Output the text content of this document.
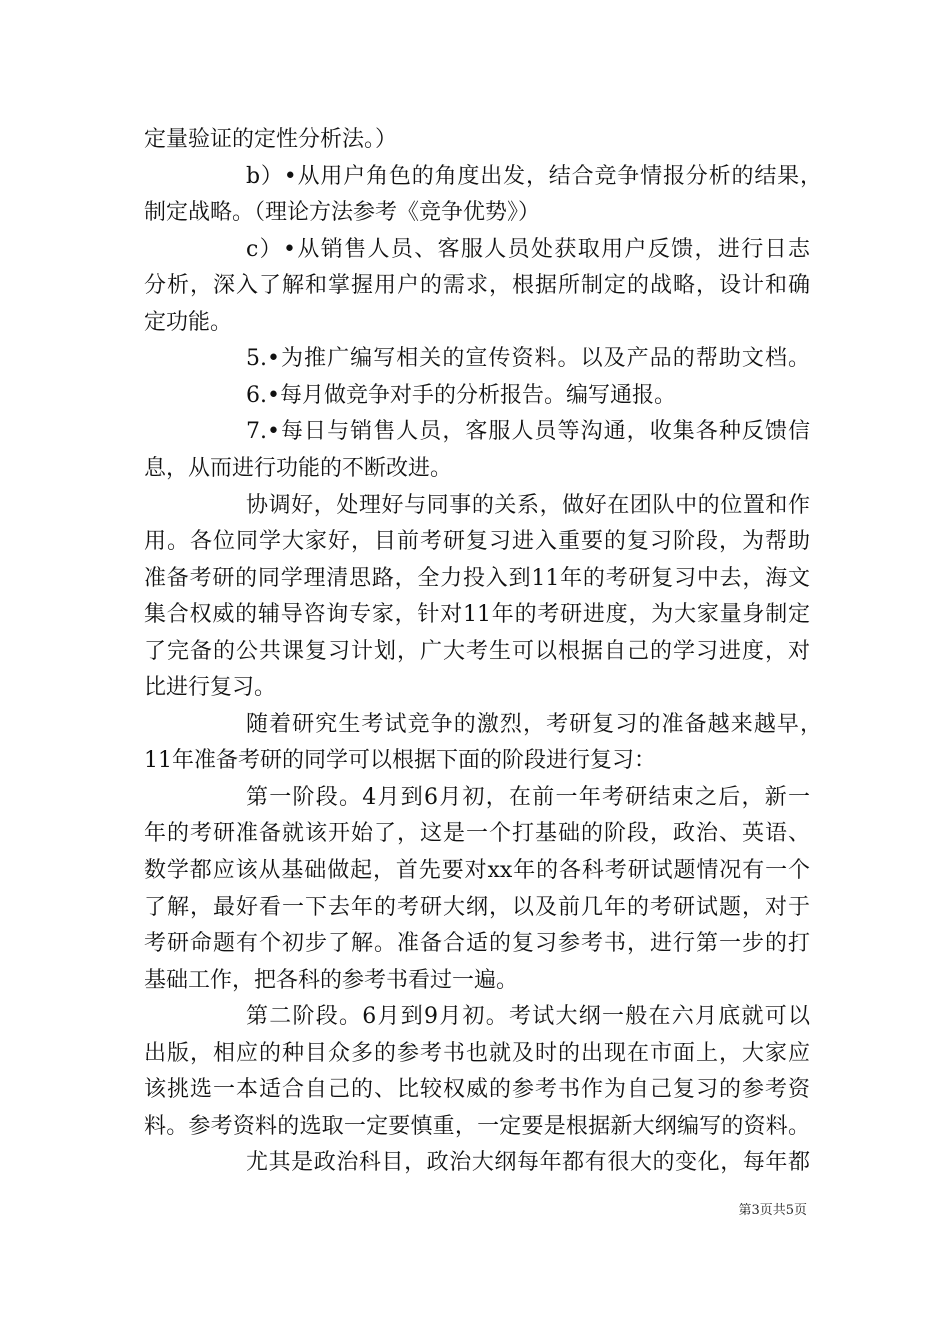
定量验证的定性分析法。）
b）•从用户角色的角度出发，结合竞争情报分析的结果，
制定战略。（理论方法参考《竞争优势》）
c）•从销售人员、客服人员处获取用户反馈，进行日志
分析，深入了解和掌握用户的需求，根据所制定的战略，设计和确
定功能。
5.•为推广编写相关的宣传资料。以及产品的帮助文档。
6.•每月做竞争对手的分析报告。编写通报。
7.•每日与销售人员，客服人员等沟通，收集各种反馈信
息，从而进行功能的不断改进。
协调好，处理好与同事的关系，做好在团队中的位置和作
用。各位同学大家好，目前考研复习进入重要的复习阶段，为帮助
准备考研的同学理清思路，全力投入到11年的考研复习中去，海文
集合权威的辅导咨询专家，针对11年的考研进度，为大家量身制定
了完备的公共课复习计划，广大考生可以根据自己的学习进度，对
比进行复习。
随着研究生考试竞争的激烈，考研复习的准备越来越早，
11年准备考研的同学可以根据下面的阶段进行复习：
第一阶段。4月到6月初，在前一年考研结束之后，新一
年的考研准备就该开始了，这是一个打基础的阶段，政治、英语、
数学都应该从基础做起，首先要对xx年的各科考研试题情况有一个
了解，最好看一下去年的考研大纲，以及前几年的考研试题，对于
考研命题有个初步了解。准备合适的复习参考书，进行第一步的打
基础工作，把各科的参考书看过一遍。
第二阶段。6月到9月初。考试大纲一般在六月底就可以
出版，相应的种目众多的参考书也就及时的出现在市面上，大家应
该挑选一本适合自己的、比较权威的参考书作为自己复习的参考资
料。参考资料的选取一定要慎重，一定要是根据新大纲编写的资料。
尤其是政治科目，政治大纲每年都有很大的变化，每年都
第3页共5页
